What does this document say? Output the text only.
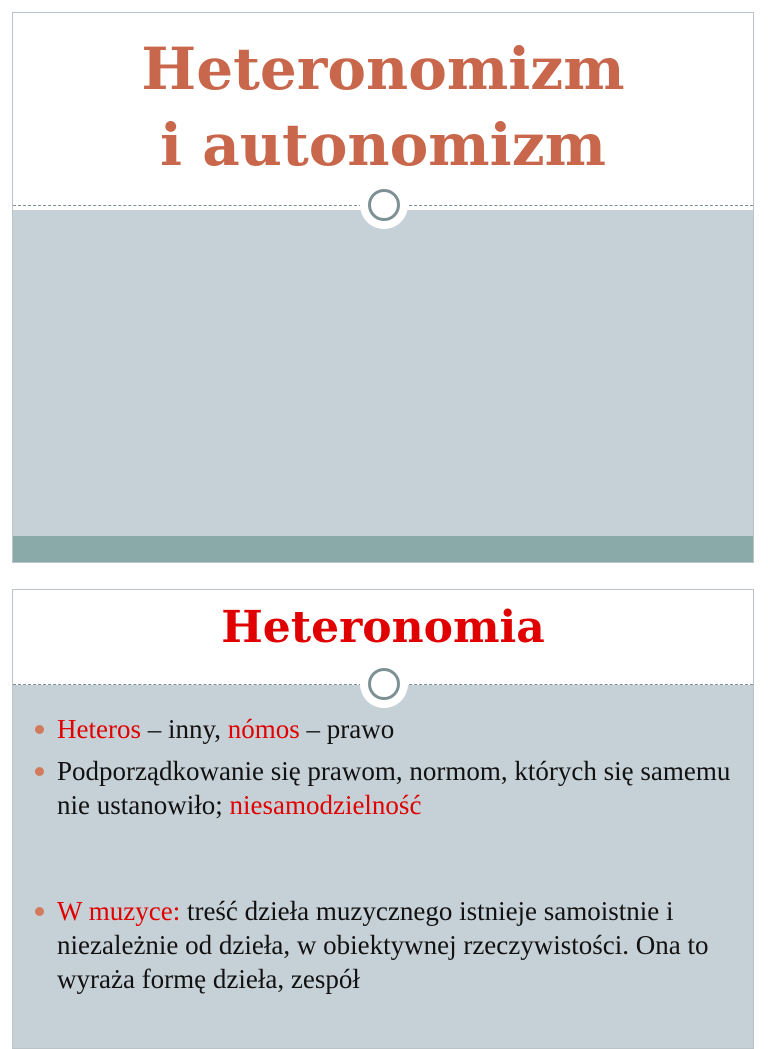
Heteronomizm
i autonomizm
Heteronomia
Heteros – inny, nómos – prawo
Podporządkowanie się prawom, normom, których się samemu nie ustanowiło; niesamodzielność
W muzyce: treść dzieła muzycznego istnieje samoistnie i niezależnie od dzieła, w obiektywnej rzeczywistości. Ona to wyraża formę dzieła, zespół
